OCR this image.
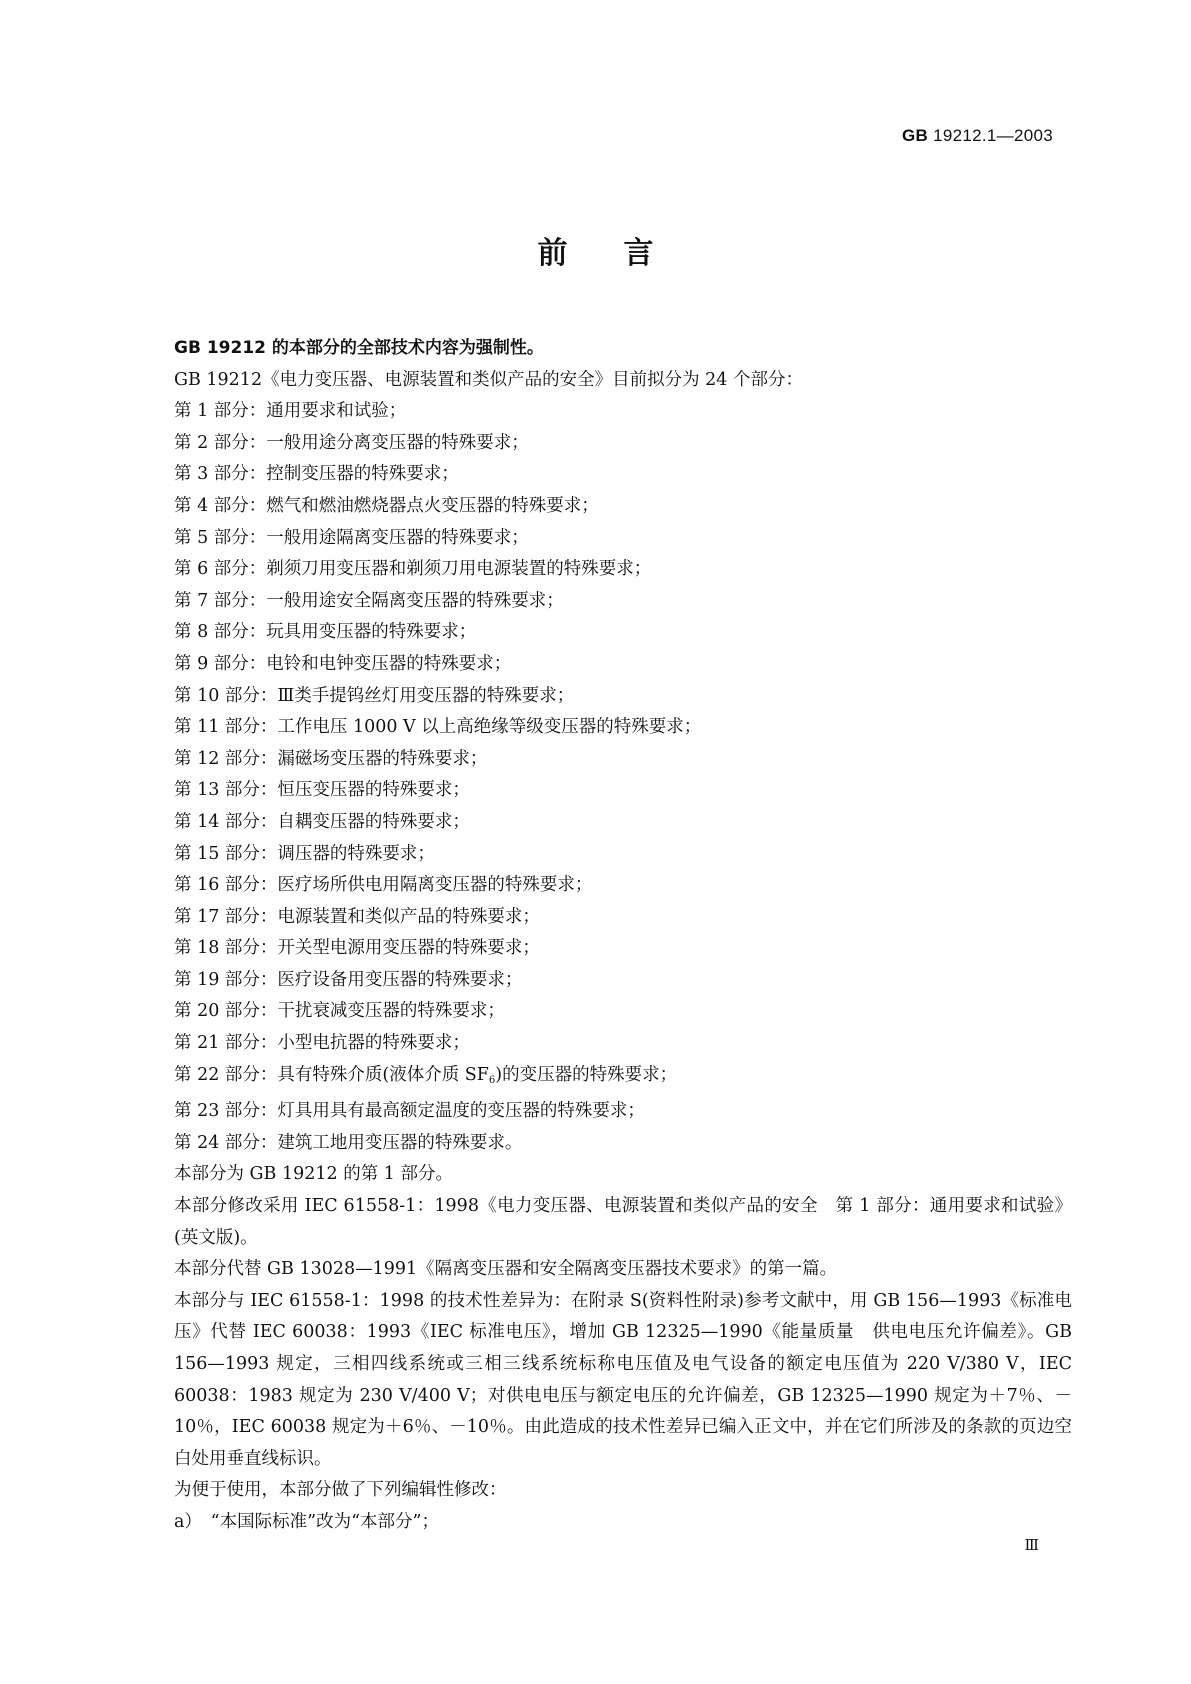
GB 19212.1—2003
前言

GB 19212 的本部分的全部技术内容为强制性。

GB 19212《电力变压器、电源装置和类似产品的安全》目前拟分为 24 个部分：

第 1 部分：通用要求和试验；

第 2 部分：一般用途分离变压器的特殊要求；

第 3 部分：控制变压器的特殊要求；

第 4 部分：燃气和燃油燃烧器点火变压器的特殊要求；

第 5 部分：一般用途隔离变压器的特殊要求；

第 6 部分：剃须刀用变压器和剃须刀用电源装置的特殊要求；

第 7 部分：一般用途安全隔离变压器的特殊要求；

第 8 部分：玩具用变压器的特殊要求；

第 9 部分：电铃和电钟变压器的特殊要求；

第 10 部分：Ⅲ类手提钨丝灯用变压器的特殊要求；

第 11 部分：工作电压 1000 V 以上高绝缘等级变压器的特殊要求；

第 12 部分：漏磁场变压器的特殊要求；

第 13 部分：恒压变压器的特殊要求；

第 14 部分：自耦变压器的特殊要求；

第 15 部分：调压器的特殊要求；

第 16 部分：医疗场所供电用隔离变压器的特殊要求；

第 17 部分：电源装置和类似产品的特殊要求；

第 18 部分：开关型电源用变压器的特殊要求；

第 19 部分：医疗设备用变压器的特殊要求；

第 20 部分：干扰衰减变压器的特殊要求；

第 21 部分：小型电抗器的特殊要求；

第 22 部分：具有特殊介质(液体介质 $SF_6$)的变压器的特殊要求；

第 23 部分：灯具用具有最高额定温度的变压器的特殊要求；

第 24 部分：建筑工地用变压器的特殊要求。

本部分为 GB 19212 的第 1 部分。

本部分修改采用 IEC 61558-1：1998《电力变压器、电源装置和类似产品的安全　第 1 部分：通用要求和试验》(英文版)。

本部分代替 GB 13028—1991《隔离变压器和安全隔离变压器技术要求》的第一篇。

本部分与 IEC 61558-1：1998 的技术性差异为：在附录 S(资料性附录)参考文献中，用 GB 156—1993《标准电压》代替 IEC 60038：1993《IEC 标准电压》，增加 GB 12325—1990《能量质量　供电电压允许偏差》。GB 156—1993 规定，三相四线系统或三相三线系统标称电压值及电气设备的额定电压值为 220 V/380 V，IEC 60038：1983 规定为 230 V/400 V；对供电电压与额定电压的允许偏差，GB 12325—1990 规定为＋7％、－10％，IEC 60038 规定为＋6％、－10％。由此造成的技术性差异已编入正文中，并在它们所涉及的条款的页边空白处用垂直线标识。

为便于使用，本部分做了下列编辑性修改：

a）　“本国际标准”改为“本部分”；

Ⅲ
